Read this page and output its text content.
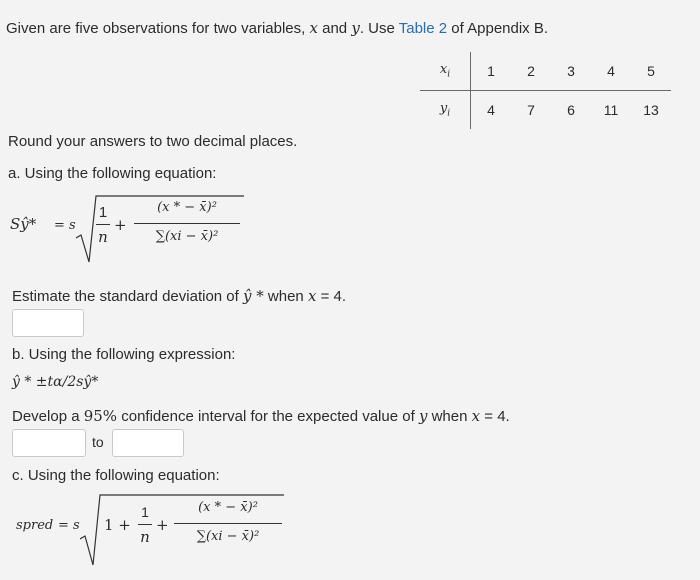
Given are five observations for two variables, x and y. Use Table 2 of Appendix B.
$x_i$	1	2	3	4	5
$y_i$	4	7	6	11	13
Round your answers to two decimal places.
a. Using the following equation:
Sŷ* = s
1
n
+
(x * − x̄)²
∑(xi − x̄)²
Estimate the standard deviation of ŷ * when x = 4.
b. Using the following expression:
ŷ * ±tα/2sŷ*
Develop a 95% confidence interval for the expected value of y when x = 4.
to
c. Using the following equation:
spred = s 1 +
1
n
+
(x * − x̄)²
∑(xi − x̄)²
